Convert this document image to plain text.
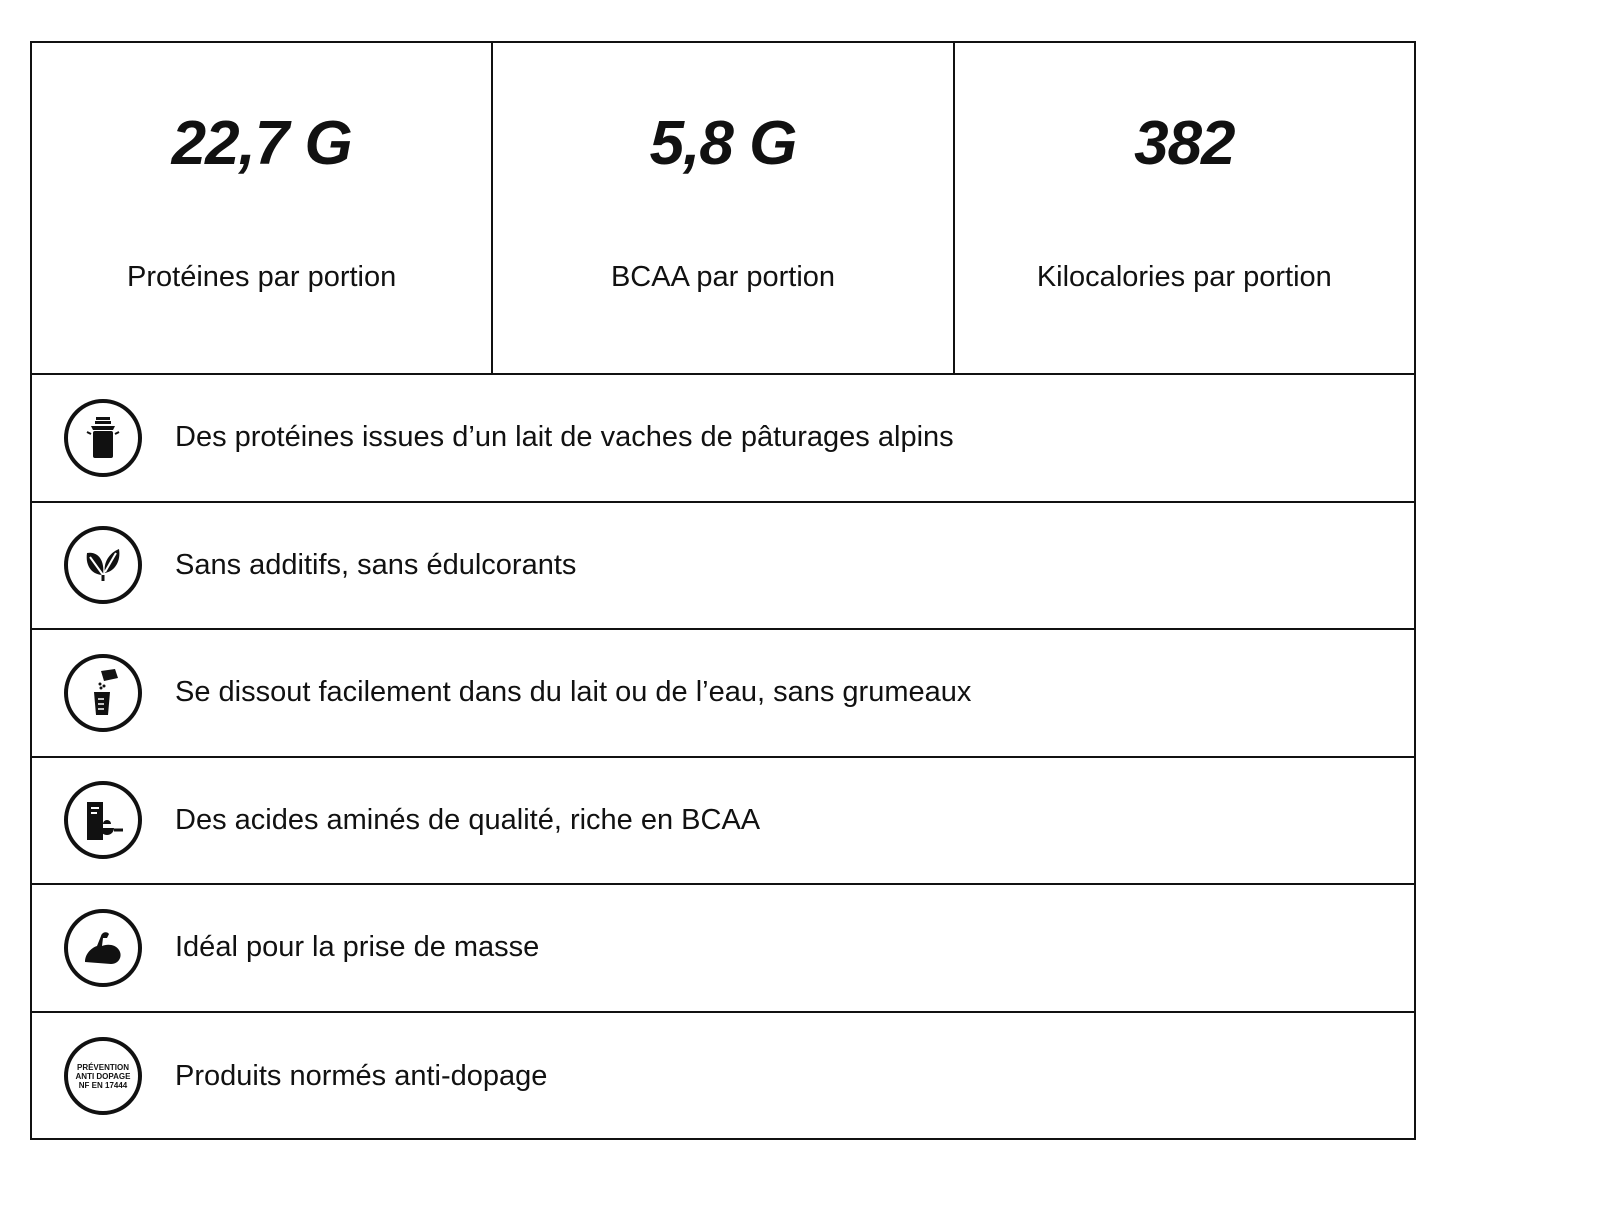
22,7 G
Protéines par portion
5,8 G
BCAA par portion
382
Kilocalories par portion
Des protéines issues d’un lait de vaches de pâturages alpins
Sans additifs, sans édulcorants
Se dissout facilement dans du lait ou de l’eau, sans grumeaux
Des acides aminés de qualité, riche en BCAA
Idéal pour la prise de masse
PRÉVENTION
ANTI DOPAGE
NF EN 17444 Produits normés anti-dopage
